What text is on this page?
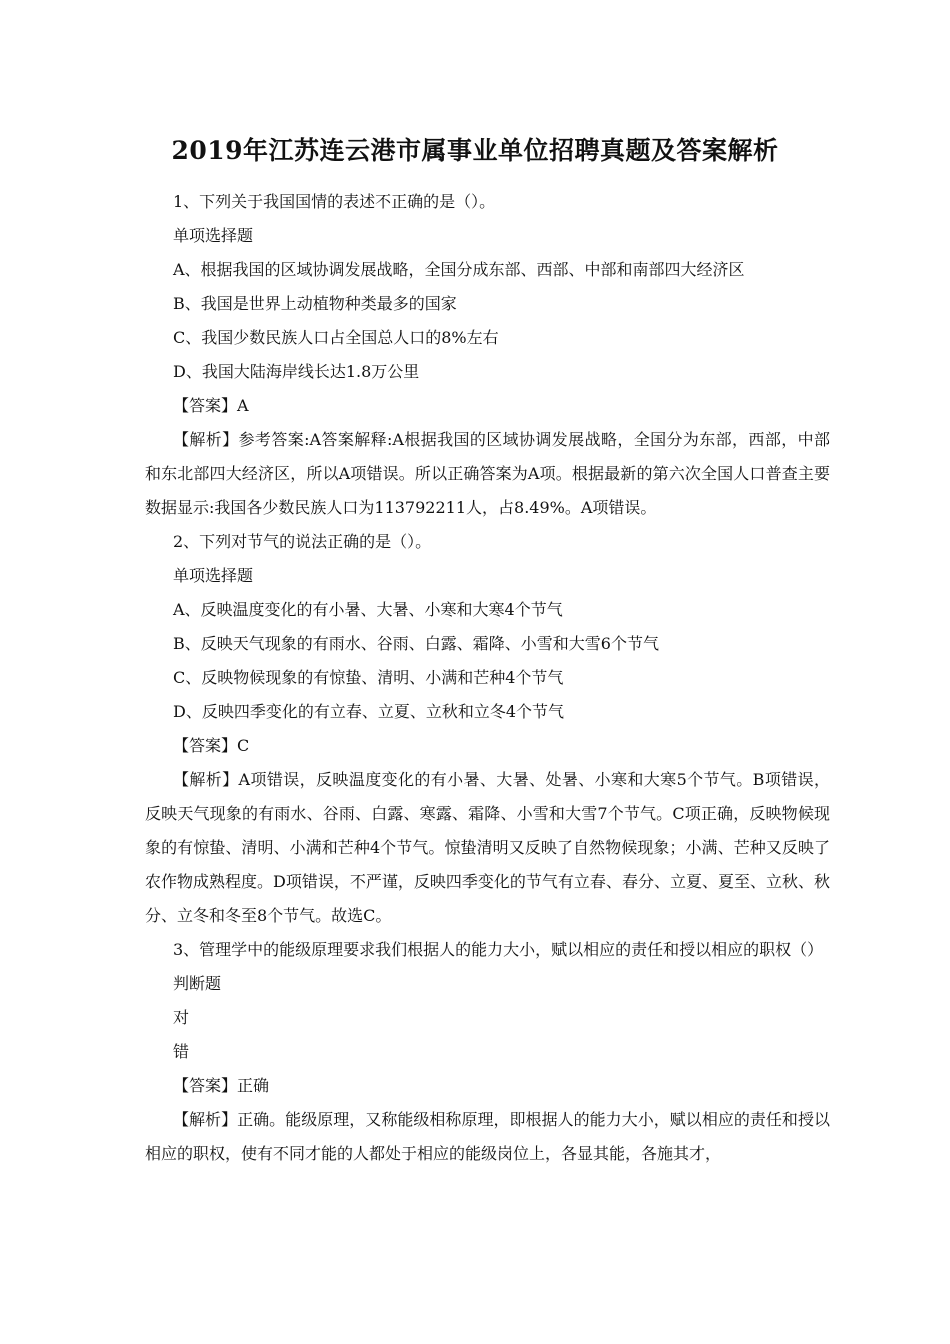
2019年江苏连云港市属事业单位招聘真题及答案解析
1、下列关于我国国情的表述不正确的是（）。
单项选择题
A、根据我国的区域协调发展战略，全国分成东部、西部、中部和南部四大经济区
B、我国是世界上动植物种类最多的国家
C、我国少数民族人口占全国总人口的8%左右
D、我国大陆海岸线长达1.8万公里
【答案】A
【解析】参考答案:A答案解释:A根据我国的区域协调发展战略，全国分为东部，西部，中部和东北部四大经济区，所以A项错误。所以正确答案为A项。根据最新的第六次全国人口普查主要数据显示:我国各少数民族人口为113792211人，占8.49%。A项错误。
2、下列对节气的说法正确的是（）。
单项选择题
A、反映温度变化的有小暑、大暑、小寒和大寒4个节气
B、反映天气现象的有雨水、谷雨、白露、霜降、小雪和大雪6个节气
C、反映物候现象的有惊蛰、清明、小满和芒种4个节气
D、反映四季变化的有立春、立夏、立秋和立冬4个节气
【答案】C
【解析】A项错误，反映温度变化的有小暑、大暑、处暑、小寒和大寒5个节气。B项错误，反映天气现象的有雨水、谷雨、白露、寒露、霜降、小雪和大雪7个节气。C项正确，反映物候现象的有惊蛰、清明、小满和芒种4个节气。惊蛰清明又反映了自然物候现象；小满、芒种又反映了农作物成熟程度。D项错误，不严谨，反映四季变化的节气有立春、春分、立夏、夏至、立秋、秋分、立冬和冬至8个节气。故选C。
3、管理学中的能级原理要求我们根据人的能力大小，赋以相应的责任和授以相应的职权（）
判断题
对
错
【答案】正确
【解析】正确。能级原理，又称能级相称原理，即根据人的能力大小，赋以相应的责任和授以相应的职权，使有不同才能的人都处于相应的能级岗位上，各显其能，各施其才，
